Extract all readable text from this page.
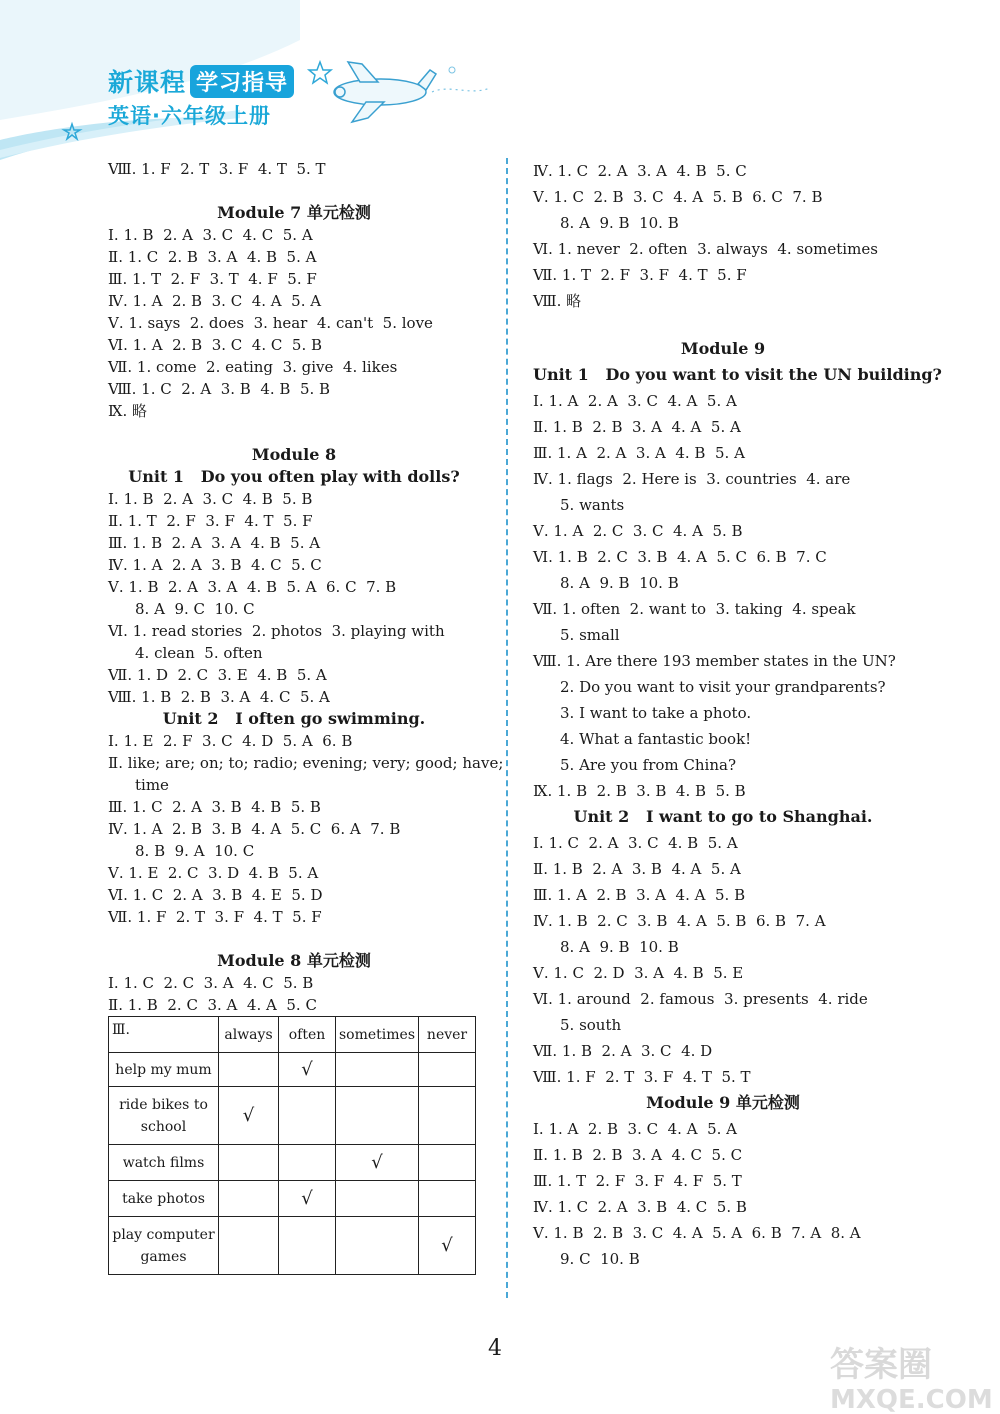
新课程 学习指导
英语·六年级上册
Ⅷ. 1. F  2. T  3. F  4. T  5. T
Module 7 单元检测
Ⅰ. 1. B  2. A  3. C  4. C  5. A
Ⅱ. 1. C  2. B  3. A  4. B  5. A
Ⅲ. 1. T  2. F  3. T  4. F  5. F
Ⅳ. 1. A  2. B  3. C  4. A  5. A
Ⅴ. 1. says  2. does  3. hear  4. can't  5. love
Ⅵ. 1. A  2. B  3. C  4. C  5. B
Ⅶ. 1. come  2. eating  3. give  4. likes
Ⅷ. 1. C  2. A  3. B  4. B  5. B
Ⅸ. 略
Module 8
Unit 1   Do you often play with dolls?
Ⅰ. 1. B  2. A  3. C  4. B  5. B
Ⅱ. 1. T  2. F  3. F  4. T  5. F
Ⅲ. 1. B  2. A  3. A  4. B  5. A
Ⅳ. 1. A  2. A  3. B  4. C  5. C
Ⅴ. 1. B  2. A  3. A  4. B  5. A  6. C  7. B
8. A  9. C  10. C
Ⅵ. 1. read stories  2. photos  3. playing with
4. clean  5. often
Ⅶ. 1. D  2. C  3. E  4. B  5. A
Ⅷ. 1. B  2. B  3. A  4. C  5. A
Unit 2   I often go swimming.
Ⅰ. 1. E  2. F  3. C  4. D  5. A  6. B
Ⅱ. like; are; on; to; radio; evening; very; good; have;
time
Ⅲ. 1. C  2. A  3. B  4. B  5. B
Ⅳ. 1. A  2. B  3. B  4. A  5. C  6. A  7. B
8. B  9. A  10. C
Ⅴ. 1. E  2. C  3. D  4. B  5. A
Ⅵ. 1. C  2. A  3. B  4. E  5. D
Ⅶ. 1. F  2. T  3. F  4. T  5. F
Module 8 单元检测
Ⅰ. 1. C  2. C  3. A  4. C  5. B
Ⅱ. 1. B  2. C  3. A  4. A  5. C
Ⅲ.	always	often	sometimes	never
help my mum		√		
ride bikes to school	√			
watch films			√	
take photos		√		
play computer games				√
Ⅳ. 1. C  2. A  3. A  4. B  5. C
Ⅴ. 1. C  2. B  3. C  4. A  5. B  6. C  7. B
8. A  9. B  10. B
Ⅵ. 1. never  2. often  3. always  4. sometimes
Ⅶ. 1. T  2. F  3. F  4. T  5. F
Ⅷ. 略
Module 9
Unit 1   Do you want to visit the UN building?
Ⅰ. 1. A  2. A  3. C  4. A  5. A
Ⅱ. 1. B  2. B  3. A  4. A  5. A
Ⅲ. 1. A  2. A  3. A  4. B  5. A
Ⅳ. 1. flags  2. Here is  3. countries  4. are
5. wants
Ⅴ. 1. A  2. C  3. C  4. A  5. B
Ⅵ. 1. B  2. C  3. B  4. A  5. C  6. B  7. C
8. A  9. B  10. B
Ⅶ. 1. often  2. want to  3. taking  4. speak
5. small
Ⅷ. 1. Are there 193 member states in the UN?
2. Do you want to visit your grandparents?
3. I want to take a photo.
4. What a fantastic book!
5. Are you from China?
Ⅸ. 1. B  2. B  3. B  4. B  5. B
Unit 2   I want to go to Shanghai.
Ⅰ. 1. C  2. A  3. C  4. B  5. A
Ⅱ. 1. B  2. A  3. B  4. A  5. A
Ⅲ. 1. A  2. B  3. A  4. A  5. B
Ⅳ. 1. B  2. C  3. B  4. A  5. B  6. B  7. A
8. A  9. B  10. B
Ⅴ. 1. C  2. D  3. A  4. B  5. E
Ⅵ. 1. around  2. famous  3. presents  4. ride
5. south
Ⅶ. 1. B  2. A  3. C  4. D
Ⅷ. 1. F  2. T  3. F  4. T  5. T
Module 9 单元检测
Ⅰ. 1. A  2. B  3. C  4. A  5. A
Ⅱ. 1. B  2. B  3. A  4. C  5. C
Ⅲ. 1. T  2. F  3. F  4. F  5. T
Ⅳ. 1. C  2. A  3. B  4. C  5. B
Ⅴ. 1. B  2. B  3. C  4. A  5. A  6. B  7. A  8. A
9. C  10. B
4	答案圈
MXQE.COM
